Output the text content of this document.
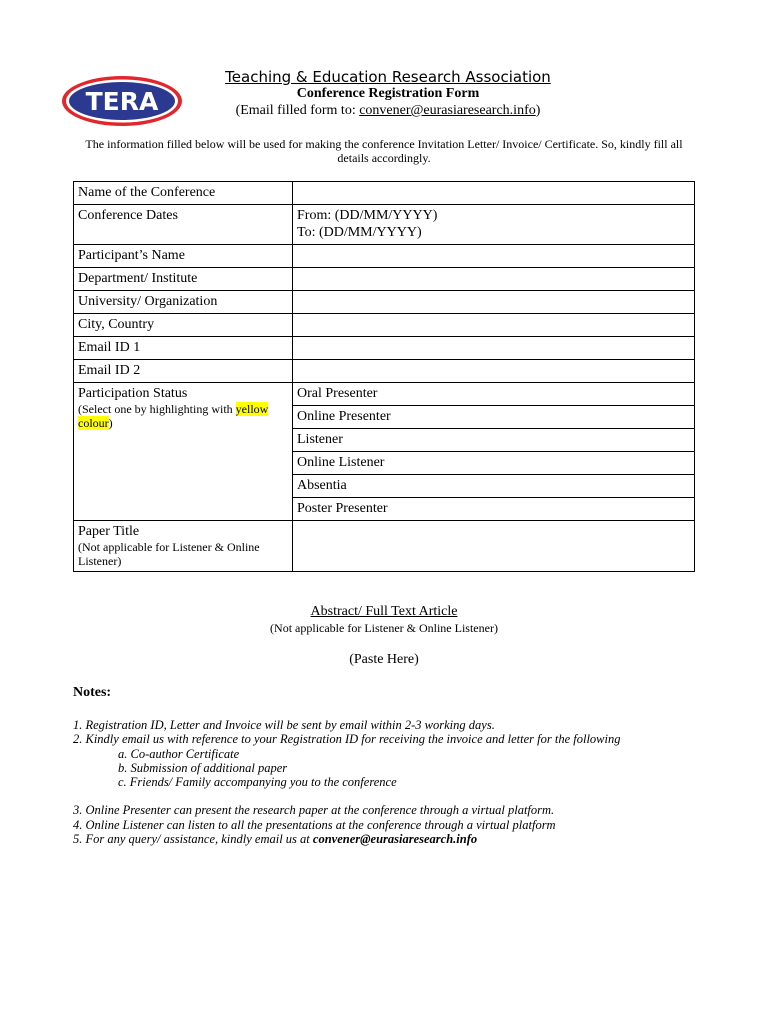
TERA
Teaching & Education Research Association
Conference Registration Form
(Email filled form to: convener@eurasiaresearch.info)
The information filled below will be used for making the conference Invitation Letter/ Invoice/ Certificate. So, kindly fill all details accordingly.
Name of the Conference	
Conference Dates	From: (DD/MM/YYYY)
To: (DD/MM/YYYY)

Participant’s Name	
Department/ Institute	
University/ Organization	
City, Country	
Email ID 1	
Email ID 2	

Participation Status
(Select one by highlighting with yellow colour)	Oral Presenter
	Online Presenter
	Listener
	Online Listener
	Absentia
	Poster Presenter

Paper Title
(Not applicable for Listener & Online Listener)	

Abstract/ Full Text Article
(Not applicable for Listener & Online Listener)
(Paste Here)
Notes:
1. Registration ID, Letter and Invoice will be sent by email within 2-3 working days.
2. Kindly email us with reference to your Registration ID for receiving the invoice and letter for the following
a. Co-author Certificate
b. Submission of additional paper
c. Friends/ Family accompanying you to the conference
3. Online Presenter can present the research paper at the conference through a virtual platform.
4. Online Listener can listen to all the presentations at the conference through a virtual platform
5. For any query/ assistance, kindly email us at convener@eurasiaresearch.info
